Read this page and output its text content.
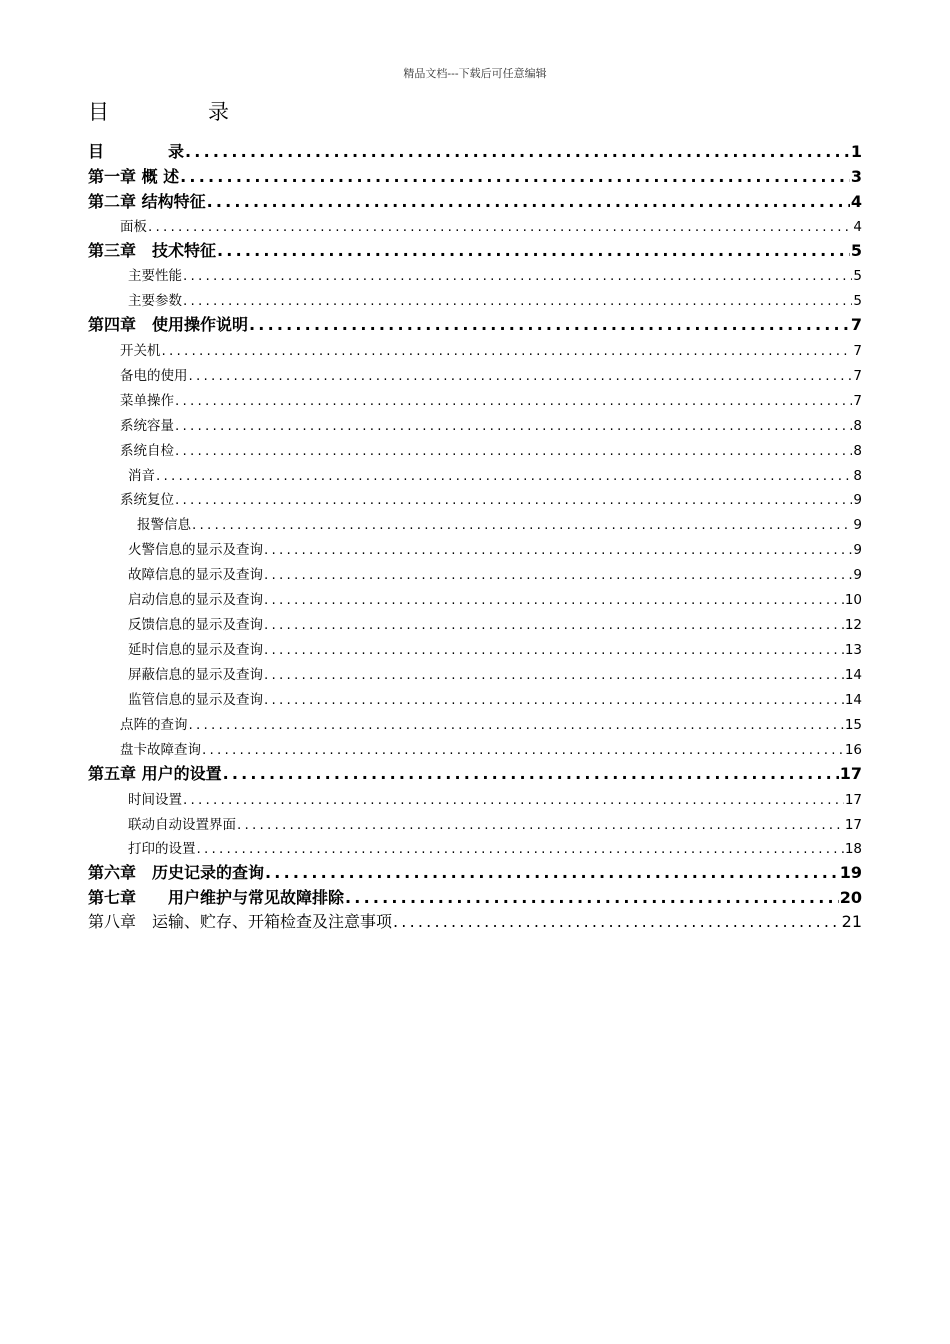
精品文档---下载后可任意编辑
目	录
目　　　　录 .....	1
第一章 概 述 .....	3
第二章 结构特征 .....	4
面板 .....	4
第三章　技术特征 .....	5
主要性能 .....	5
主要参数 .....	5
第四章　使用操作说明 .....	7
开关机 .....	7
备电的使用 .....	7
菜单操作 .....	7
系统容量 .....	8
系统自检 .....	8
消音 .....	8
系统复位 .....	9
报警信息 .....	9
火警信息的显示及查询 .....	9
故障信息的显示及查询 .....	9
启动信息的显示及查询 .....	10
反馈信息的显示及查询 .....	12
延时信息的显示及查询 .....	13
屏蔽信息的显示及查询 .....	14
监管信息的显示及查询 .....	14
点阵的查询 .....	15
盘卡故障查询 .....	16
第五章 用户的设置 .....	17
时间设置 .....	17
联动自动设置界面 .....	17
打印的设置 .....	18
第六章　历史记录的查询 .....	19
第七章　　用户维护与常见故障排除 .....	20
第八章　运输、贮存、开箱检查及注意事项 .....	21
